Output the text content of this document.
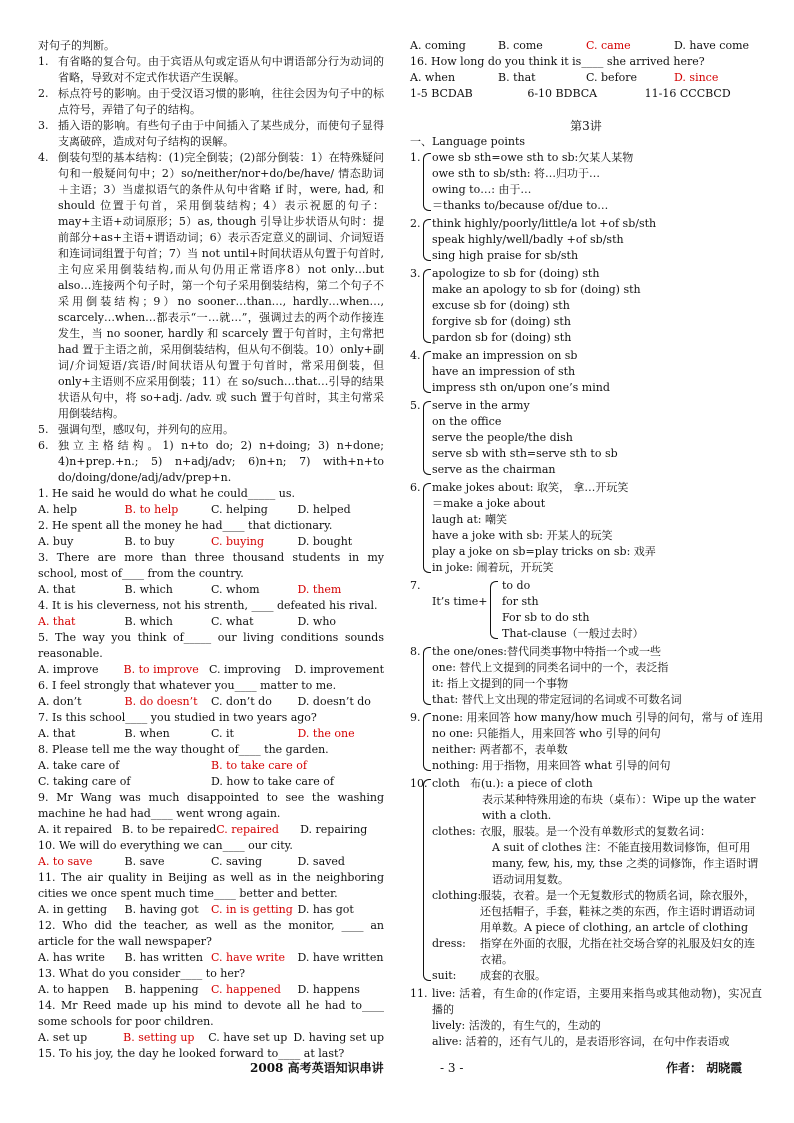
对句子的判断。

1. 有省略的复合句。由于宾语从句或定语从句中谓语部分行为动词的省略，导致对不定式作状语产生误解。
2. 标点符号的影响。由于受汉语习惯的影响，往往会因为句子中的标点符号，弄错了句子的结构。
3. 插入语的影响。有些句子由于中间插入了某些成分，而使句子显得支离破碎，造成对句子结构的误解。
4. 倒装句型的基本结构：(1)完全倒装；(2)部分倒装：1）在特殊疑问句和一般疑问句中；2）so/neither/nor+do/be/have/ 情态助词＋主语；3）当虚拟语气的条件从句中省略 if 时，were, had, 和 should 位置于句首，采用倒装结构；4）表示祝愿的句子：may+主语+动词原形；5）as, though 引导让步状语从句时：提前部分+as+主语+谓语动词；6）表示否定意义的副词、介词短语和连词词组置于句首；7）当 not until+时间状语从句置于句首时,主句应采用倒装结构,而从句仍用正常语序8）not only…but also…连接两个句子时，第一个句子采用倒装结构，第二个句子不采用倒装结构；9）no sooner…than…, hardly…when…, scarcely…when…都表示“一…就…”，强调过去的两个动作接连发生，当 no sooner, hardly 和 scarcely 置于句首时，主句常把 had 置于主语之前，采用倒装结构，但从句不倒装。10）only+副词/介词短语/宾语/时间状语从句置于句首时，常采用倒装，但 only+主语则不应采用倒装；11）在 so/such…that…引导的结果状语从句中，将 so+adj. /adv. 或 such 置于句首时，其主句常采用倒装结构。
5. 强调句型，感叹句，并列句的应用。
6. 独立主格结构。1) n+to do; 2) n+doing; 3) n+done; 4)n+prep.+n.; 5) n+adj/adv; 6)n+n; 7) with+n+to do/doing/done/adj/adv/prep+n.

1. He said he would do what he could_____ us.

A. help	B. to help	C. helping	D. helped

2. He spent all the money he had____ that dictionary.

A. buy	B. to buy	C. buying	D. bought

3. There are more than three thousand students in my school, most of____ from the country.

A. that	B. which	C. whom	D. them

4. It is his cleverness, not his strenth, ____ defeated his rival.

A. that	B. which	C. what	D. who

5. The way you think of_____ our living conditions sounds reasonable.

A. improve	B. to improve C. improving	D. improvement

6. I feel strongly that whatever you____ matter to me.

A. don’t	B. do doesn’t	C. don’t do	D. doesn’t do

7. Is this school____ you studied in two years ago?

A. that	B. when	C. it	D. the one

8. Please tell me the way thought of____ the garden.

A. take care of	B. to take care of
C. taking care of	D. how to take care of

9. Mr Wang was much disappointed to see the washing machine he had had____ went wrong again.

A. it repaired B. to be repaired C. repaired	D. repairing

10. We will do everything we can____ our city.

A. to save	B. save	C. saving	D. saved

11. The air quality in Beijing as well as in the neighboring cities we once spent much time____ better and better.

A. in getting	B. having got	C. in is getting D. has got

12. Who did the teacher, as well as the monitor, ____ an article for the wall newspaper?

A. has write	B. has written C. have write	D. have written

13. What do you consider____ to her?

A. to happen	B. happening	C. happened	D. happens

14. Mr Reed made up his mind to devote all he had to____ some schools for poor children.

A. set up	B. setting up	C. have set up D. having set up

15. To his joy, the day he looked forward to____ at last?

A. coming	B. come	C. came	D. have come

16. How long do you think it is____ she arrived here?

A. when	B. that	C. before	D. since
1-5 BCDAB	6-10 BDBCA	11-16 CCCBCD

第3讲

一、Language points

1. owe sb sth=owe sth to sb:欠某人某物

owe sth to sb/sth: 将…归功于…

owing to…: 由于…

＝thanks to/because of/due to…

2. think highly/poorly/little/a lot +of sb/sth

speak highly/well/badly +of sb/sth

sing high praise for sb/sth

3. apologize to sb for (doing) sth

make an apology to sb for (doing) sth

excuse sb for (doing) sth

forgive sb for (doing) sth

pardon sb for (doing) sth

4. make an impression on sb

have an impression of sth

impress sth on/upon one’s mind

5. serve in the army

on the office

serve the people/the dish

serve sb with sth=serve sth to sb

serve as the chairman

6. make jokes about: 取笑， 拿…开玩笑

＝make a joke about

laugh at: 嘲笑

have a joke with sb: 开某人的玩笑

play a joke on sb=play tricks on sb: 戏弄

in joke: 闹着玩，开玩笑

7.
It’s time+

to do

for sth

For sb to do sth

That-clause（一般过去时）

8. the one/ones:替代同类事物中特指一个或一些

one: 替代上文提到的同类名词中的一个，表泛指

it: 指上文提到的同一个事物

that: 替代上文出现的带定冠词的名词或不可数名词

9. none: 用来回答 how many/how much 引导的问句，常与 of 连用

no one: 只能指人，用来回答 who 引导的问句

neither: 两者都不，表单数

nothing: 用于指物，用来回答 what 引导的问句

10. cloth 布(u.): a piece of cloth
表示某种特殊用途的布块（桌布）：Wipe up the water with a cloth.
clothes: 衣服，服装。是一个没有单数形式的复数名词：
A suit of clothes 注：不能直接用数词修饰，但可用 many, few, his, my, thse 之类的词修饰，作主语时谓语动词用复数。
clothing:
服装，衣着。是一个无复数形式的物质名词，除衣服外，还包括帽子，手套，鞋袜之类的东西，作主语时谓语动词用单数。A piece of clothing, an artcle of clothing
dress: 指穿在外面的衣服，尤指在社交场合穿的礼服及妇女的连衣裙。
suit: 成套的衣服。
11. live: 活着，有生命的(作定语，主要用来指鸟或其他动物)，实况直播的

lively: 活泼的，有生气的，生动的

alive: 活着的，还有气儿的，是表语形容词，在句中作表语或

2008 高考英语知识串讲	- 3 -	作者： 胡晓霞
